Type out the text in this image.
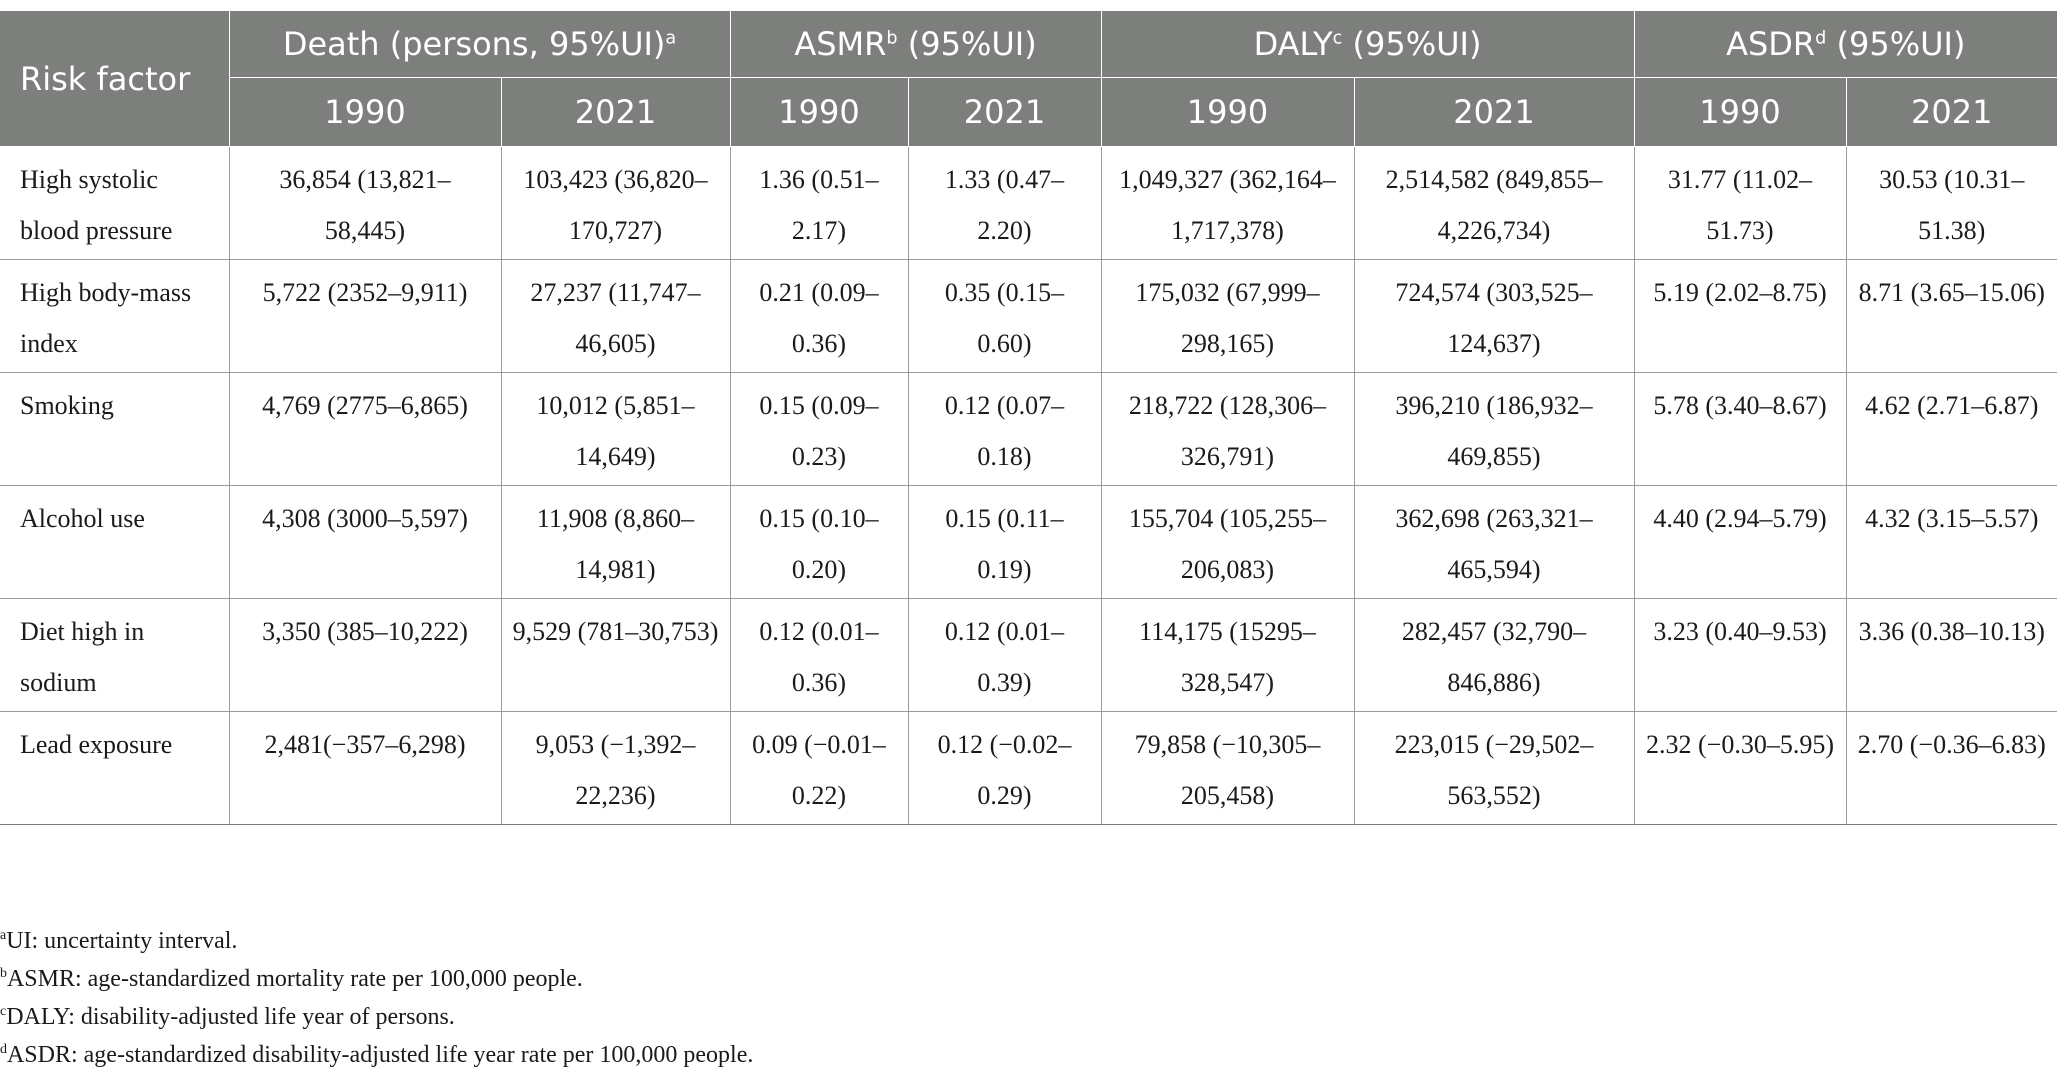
Risk factor	Death (persons, 95%UI)$^a$		ASMR$^b$ (95%UI)		DALY$^c$ (95%UI)		ASDR$^d$ (95%UI)	
	1990	2021	1990	2021	1990	2021	1990	2021
High systolic blood pressure	36,854 (13,821–58,445)	103,423 (36,820–170,727)	1.36 (0.51–2.17)	1.33 (0.47–2.20)	1,049,327 (362,164–1,717,378)	2,514,582 (849,855–4,226,734)	31.77 (11.02–51.73)	30.53 (10.31–51.38)
High body-mass index	5,722 (2352–9,911)	27,237 (11,747–46,605)	0.21 (0.09–0.36)	0.35 (0.15–0.60)	175,032 (67,999–298,165)	724,574 (303,525–124,637)	5.19 (2.02–8.75)	8.71 (3.65–15.06)
Smoking	4,769 (2775–6,865)	10,012 (5,851–14,649)	0.15 (0.09–0.23)	0.12 (0.07–0.18)	218,722 (128,306–326,791)	396,210 (186,932–469,855)	5.78 (3.40–8.67)	4.62 (2.71–6.87)
Alcohol use	4,308 (3000–5,597)	11,908 (8,860–14,981)	0.15 (0.10–0.20)	0.15 (0.11–0.19)	155,704 (105,255–206,083)	362,698 (263,321–465,594)	4.40 (2.94–5.79)	4.32 (3.15–5.57)
Diet high in sodium	3,350 (385–10,222)	9,529 (781–30,753)	0.12 (0.01–0.36)	0.12 (0.01–0.39)	114,175 (15295–328,547)	282,457 (32,790–846,886)	3.23 (0.40–9.53)	3.36 (0.38–10.13)
Lead exposure	2,481(−357–6,298)	9,053 (−1,392–22,236)	0.09 (−0.01–0.22)	0.12 (−0.02–0.29)	79,858 (−10,305–205,458)	223,015 (−29,502–563,552)	2.32 (−0.30–5.95)	2.70 (−0.36–6.83)
$^a$UI: uncertainty interval.
$^b$ASMR: age-standardized mortality rate per 100,000 people.
$^c$DALY: disability-adjusted life year of persons.
$^d$ASDR: age-standardized disability-adjusted life year rate per 100,000 people.
